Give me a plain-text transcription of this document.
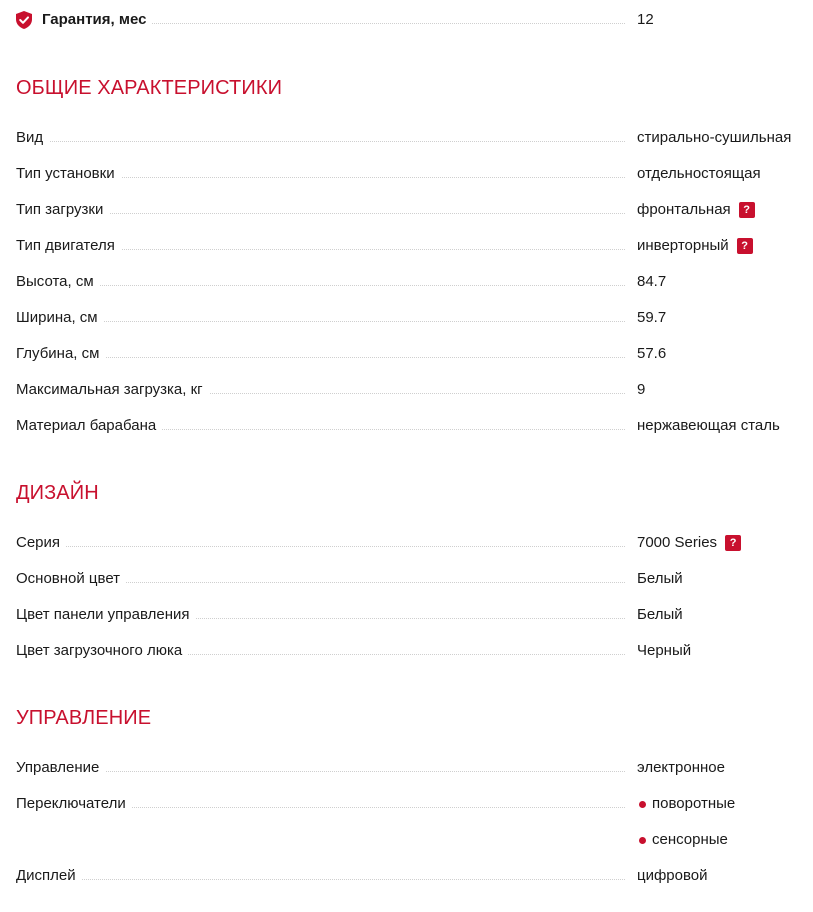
Гарантия, мес	12
ОБЩИЕ ХАРАКТЕРИСТИКИ
Вид	стирально-сушильная
Тип установки	отдельностоящая
Тип загрузки	фронтальная	?
Тип двигателя	инверторный	?
Высота, см	84.7
Ширина, см	59.7
Глубина, см	57.6
Максимальная загрузка, кг	9
Материал барабана	нержавеющая сталь
ДИЗАЙН
Серия	7000 Series	?
Основной цвет	Белый
Цвет панели управления	Белый
Цвет загрузочного люка	Черный
УПРАВЛЕНИЕ
Управление	электронное
Переключатели	поворотные
сенсорные
Дисплей	цифровой
